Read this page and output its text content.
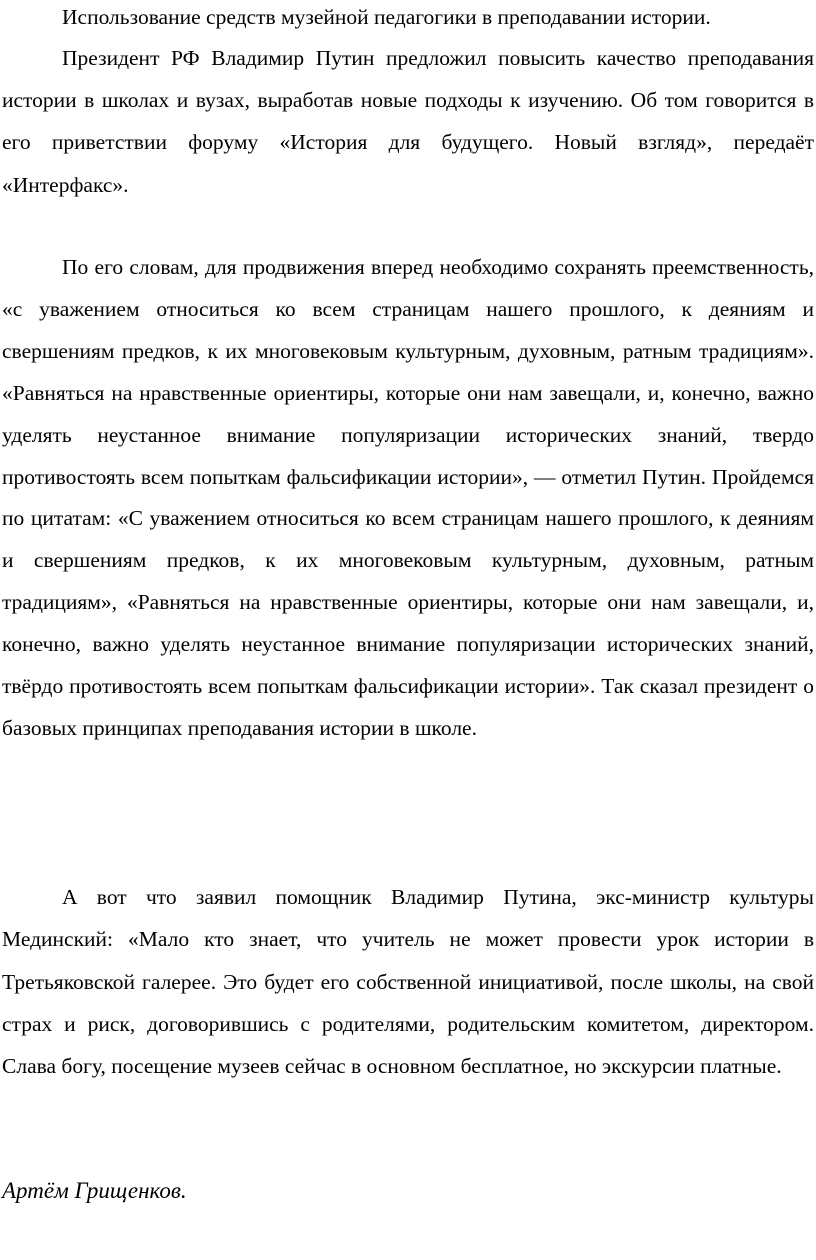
Использование средств музейной педагогики в преподавании истории.

Президент РФ Владимир Путин предложил повысить качество преподавания истории в школах и вузах, выработав новые подходы к изучению. Об том говорится в его приветствии форуму «История для будущего. Новый взгляд», передаёт «Интерфакс».

По его словам, для продвижения вперед необходимо сохранять преемственность, «с уважением относиться ко всем страницам нашего прошлого, к деяниям и свершениям предков, к их многовековым культурным, духовным, ратным традициям». «Равняться на нравственные ориентиры, которые они нам завещали, и, конечно, важно уделять неустанное внимание популяризации исторических знаний, твердо противостоять всем попыткам фальсификации истории», — отметил Путин. Пройдемся по цитатам: «С уважением относиться ко всем страницам нашего прошлого, к деяниям и свершениям предков, к их многовековым культурным, духовным, ратным традициям», «Равняться на нравственные ориентиры, которые они нам завещали, и, конечно, важно уделять неустанное внимание популяризации исторических знаний, твёрдо противостоять всем попыткам фальсификации истории». Так сказал президент о базовых принципах преподавания истории в школе.

А вот что заявил помощник Владимир Путина, экс-министр культуры Мединский: «Мало кто знает, что учитель не может провести урок истории в Третьяковской галерее. Это будет его собственной инициативой, после школы, на свой страх и риск, договорившись с родителями, родительским комитетом, директором. Слава богу, посещение музеев сейчас в основном бесплатное, но экскурсии платные.

Артём Грищенков.
